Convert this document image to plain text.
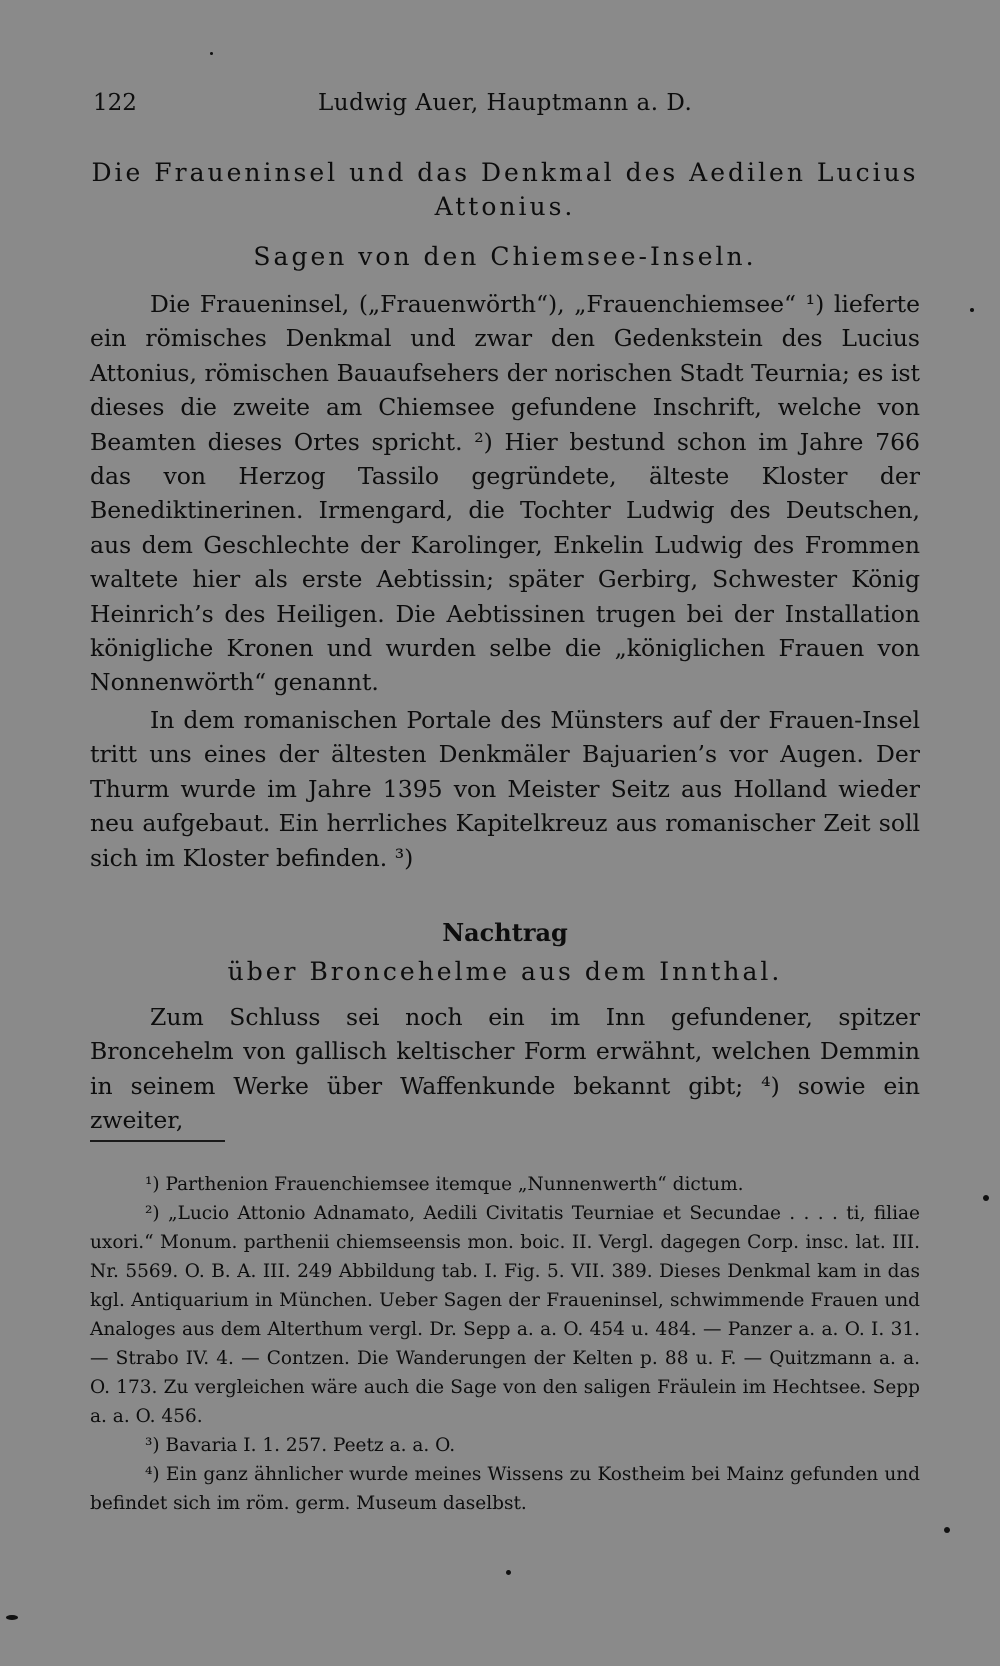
122	Ludwig Auer, Hauptmann a. D.
Die Fraueninsel und das Denkmal des Aedilen Lucius Attonius.
Sagen von den Chiemsee-Inseln.

Die Fraueninsel, („Frauenwörth“), „Frauenchiemsee“ ¹) lieferte ein römisches Denkmal und zwar den Gedenkstein des Lucius Attonius, römischen Bauaufsehers der norischen Stadt Teurnia; es ist dieses die zweite am Chiemsee gefundene Inschrift, welche von Beamten dieses Ortes spricht. ²) Hier bestund schon im Jahre 766 das von Herzog Tassilo gegründete, älteste Kloster der Benediktinerinen. Irmengard, die Tochter Ludwig des Deutschen, aus dem Geschlechte der Karolinger, Enkelin Ludwig des Frommen waltete hier als erste Aebtissin; später Gerbirg, Schwester König Heinrich’s des Heiligen. Die Aebtissinen trugen bei der Installation königliche Kronen und wurden selbe die „königlichen Frauen von Nonnenwörth“ genannt.

In dem romanischen Portale des Münsters auf der Frauen-Insel tritt uns eines der ältesten Denkmäler Bajuarien’s vor Augen. Der Thurm wurde im Jahre 1395 von Meister Seitz aus Holland wieder neu aufgebaut. Ein herrliches Kapitelkreuz aus romanischer Zeit soll sich im Kloster befinden. ³)

Nachtrag
über Broncehelme aus dem Innthal.

Zum Schluss sei noch ein im Inn gefundener, spitzer Broncehelm von gallisch keltischer Form erwähnt, welchen Demmin in seinem Werke über Waffenkunde bekannt gibt; ⁴) sowie ein zweiter,

¹) Parthenion Frauenchiemsee itemque „Nunnenwerth“ dictum.

²) „Lucio Attonio Adnamato, Aedili Civitatis Teurniae et Secundae . . . . ti, filiae uxori.“ Monum. parthenii chiemseensis mon. boic. II. Vergl. dagegen Corp. insc. lat. III. Nr. 5569. O. B. A. III. 249 Abbildung tab. I. Fig. 5. VII. 389. Dieses Denkmal kam in das kgl. Antiquarium in München. Ueber Sagen der Fraueninsel, schwimmende Frauen und Analoges aus dem Alterthum vergl. Dr. Sepp a. a. O. 454 u. 484. — Panzer a. a. O. I. 31. — Strabo IV. 4. — Contzen. Die Wanderungen der Kelten p. 88 u. F. — Quitzmann a. a. O. 173. Zu vergleichen wäre auch die Sage von den saligen Fräulein im Hechtsee. Sepp a. a. O. 456.

³) Bavaria I. 1. 257. Peetz a. a. O.

⁴) Ein ganz ähnlicher wurde meines Wissens zu Kostheim bei Mainz gefunden und befindet sich im röm. germ. Museum daselbst.
